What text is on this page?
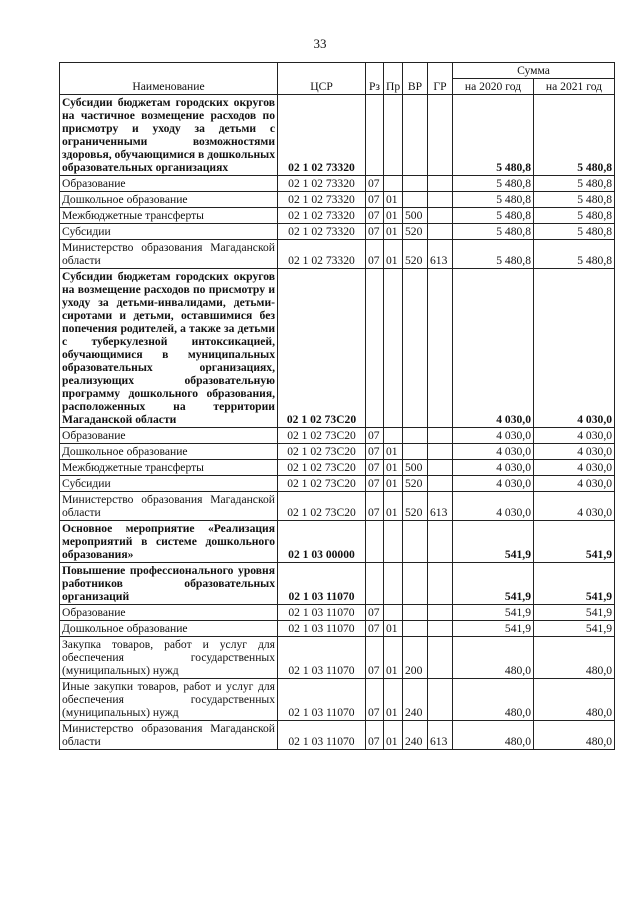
33
Наименование	ЦСР	Рз	Пр	ВР	ГР	Сумма	
						на 2020 год	на 2021 год
Субсидии бюджетам городских округов на частичное возмещение расходов по присмотру и уходу за детьми с ограниченными возможностями здоровья, обучающимися в дошкольных образовательных организациях	02 1 02 73320					5 480,8	5 480,8
Образование	02 1 02 73320	07				5 480,8	5 480,8
Дошкольное образование	02 1 02 73320	07	01			5 480,8	5 480,8
Межбюджетные трансферты	02 1 02 73320	07	01	500		5 480,8	5 480,8
Субсидии	02 1 02 73320	07	01	520		5 480,8	5 480,8
Министерство образования Магаданской области	02 1 02 73320	07	01	520	613	5 480,8	5 480,8
Субсидии бюджетам городских округов на возмещение расходов по присмотру и уходу за детьми-инвалидами, детьми-сиротами и детьми, оставшимися без попечения родителей, а также за детьми с туберкулезной интоксикацией, обучающимися в муниципальных образовательных организациях, реализующих образовательную программу дошкольного образования, расположенных на территории Магаданской области	02 1 02 73С20					4 030,0	4 030,0
Образование	02 1 02 73С20	07				4 030,0	4 030,0
Дошкольное образование	02 1 02 73С20	07	01			4 030,0	4 030,0
Межбюджетные трансферты	02 1 02 73С20	07	01	500		4 030,0	4 030,0
Субсидии	02 1 02 73С20	07	01	520		4 030,0	4 030,0
Министерство образования Магаданской области	02 1 02 73С20	07	01	520	613	4 030,0	4 030,0
Основное мероприятие «Реализация мероприятий в системе дошкольного образования»	02 1 03 00000					541,9	541,9
Повышение профессионального уровня работников образовательных организаций	02 1 03 11070					541,9	541,9
Образование	02 1 03 11070	07				541,9	541,9
Дошкольное образование	02 1 03 11070	07	01			541,9	541,9
Закупка товаров, работ и услуг для обеспечения государственных (муниципальных) нужд	02 1 03 11070	07	01	200		480,0	480,0
Иные закупки товаров, работ и услуг для обеспечения государственных (муниципальных) нужд	02 1 03 11070	07	01	240		480,0	480,0
Министерство образования Магаданской области	02 1 03 11070	07	01	240	613	480,0	480,0
